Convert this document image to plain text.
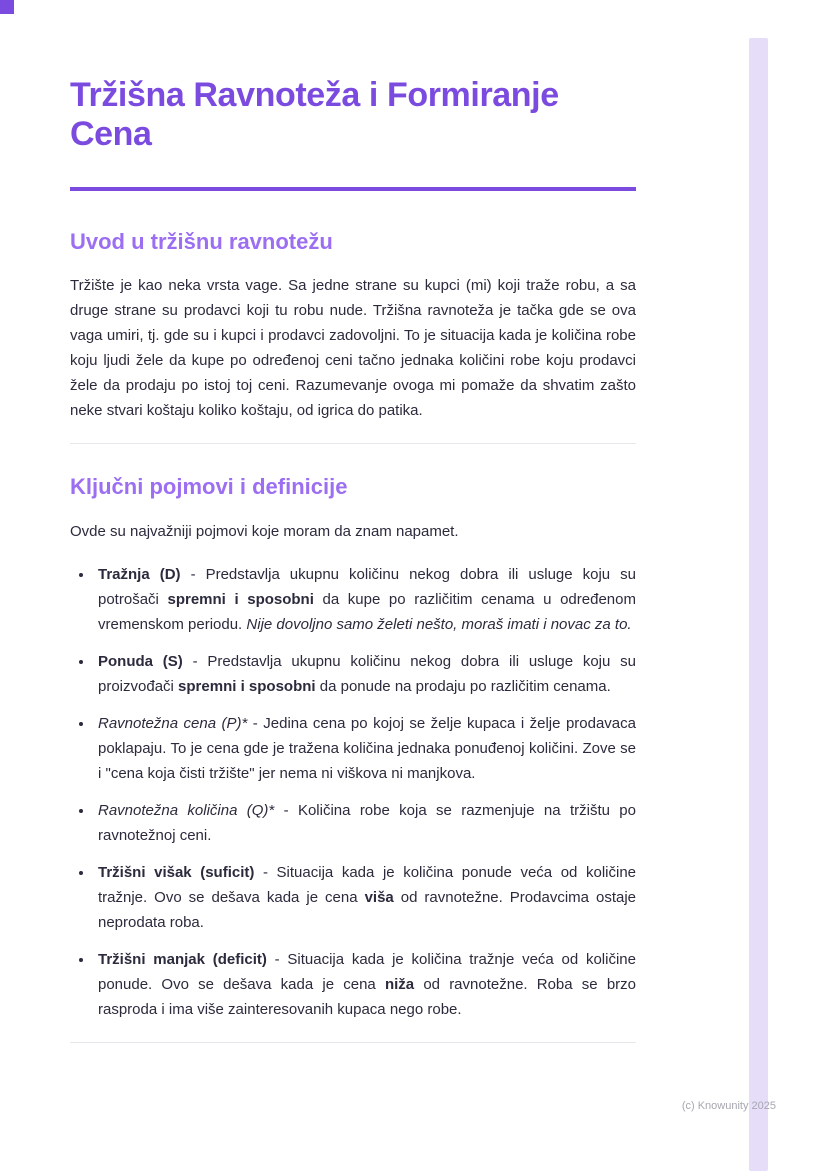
Tržišna Ravnoteža i Formiranje Cena
Uvod u tržišnu ravnotežu

Tržište je kao neka vrsta vage. Sa jedne strane su kupci (mi) koji traže robu, a sa druge strane su prodavci koji tu robu nude. Tržišna ravnoteža je tačka gde se ova vaga umiri, tj. gde su i kupci i prodavci zadovoljni. To je situacija kada je količina robe koju ljudi žele da kupe po određenoj ceni tačno jednaka količini robe koju prodavci žele da prodaju po istoj toj ceni. Razumevanje ovoga mi pomaže da shvatim zašto neke stvari koštaju koliko koštaju, od igrica do patika.

Ključni pojmovi i definicije

Ovde su najvažniji pojmovi koje moram da znam napamet.

• Tražnja (D) - Predstavlja ukupnu količinu nekog dobra ili usluge koju su potrošači spremni i sposobni da kupe po različitim cenama u određenom vremenskom periodu. Nije dovoljno samo želeti nešto, moraš imati i novac za to.
• Ponuda (S) - Predstavlja ukupnu količinu nekog dobra ili usluge koju su proizvođači spremni i sposobni da ponude na prodaju po različitim cenama.
• Ravnotežna cena (P)* - Jedina cena po kojoj se želje kupaca i želje prodavaca poklapaju. To je cena gde je tražena količina jednaka ponuđenoj količini. Zove se i "cena koja čisti tržište" jer nema ni viškova ni manjkova.
• Ravnotežna količina (Q)* - Količina robe koja se razmenjuje na tržištu po ravnotežnoj ceni.
• Tržišni višak (suficit) - Situacija kada je količina ponude veća od količine tražnje. Ovo se dešava kada je cena viša od ravnotežne. Prodavcima ostaje neprodata roba.
• Tržišni manjak (deficit) - Situacija kada je količina tražnje veća od količine ponude. Ovo se dešava kada je cena niža od ravnotežne. Roba se brzo rasproda i ima više zainteresovanih kupaca nego robe.
(c) Knowunity 2025
